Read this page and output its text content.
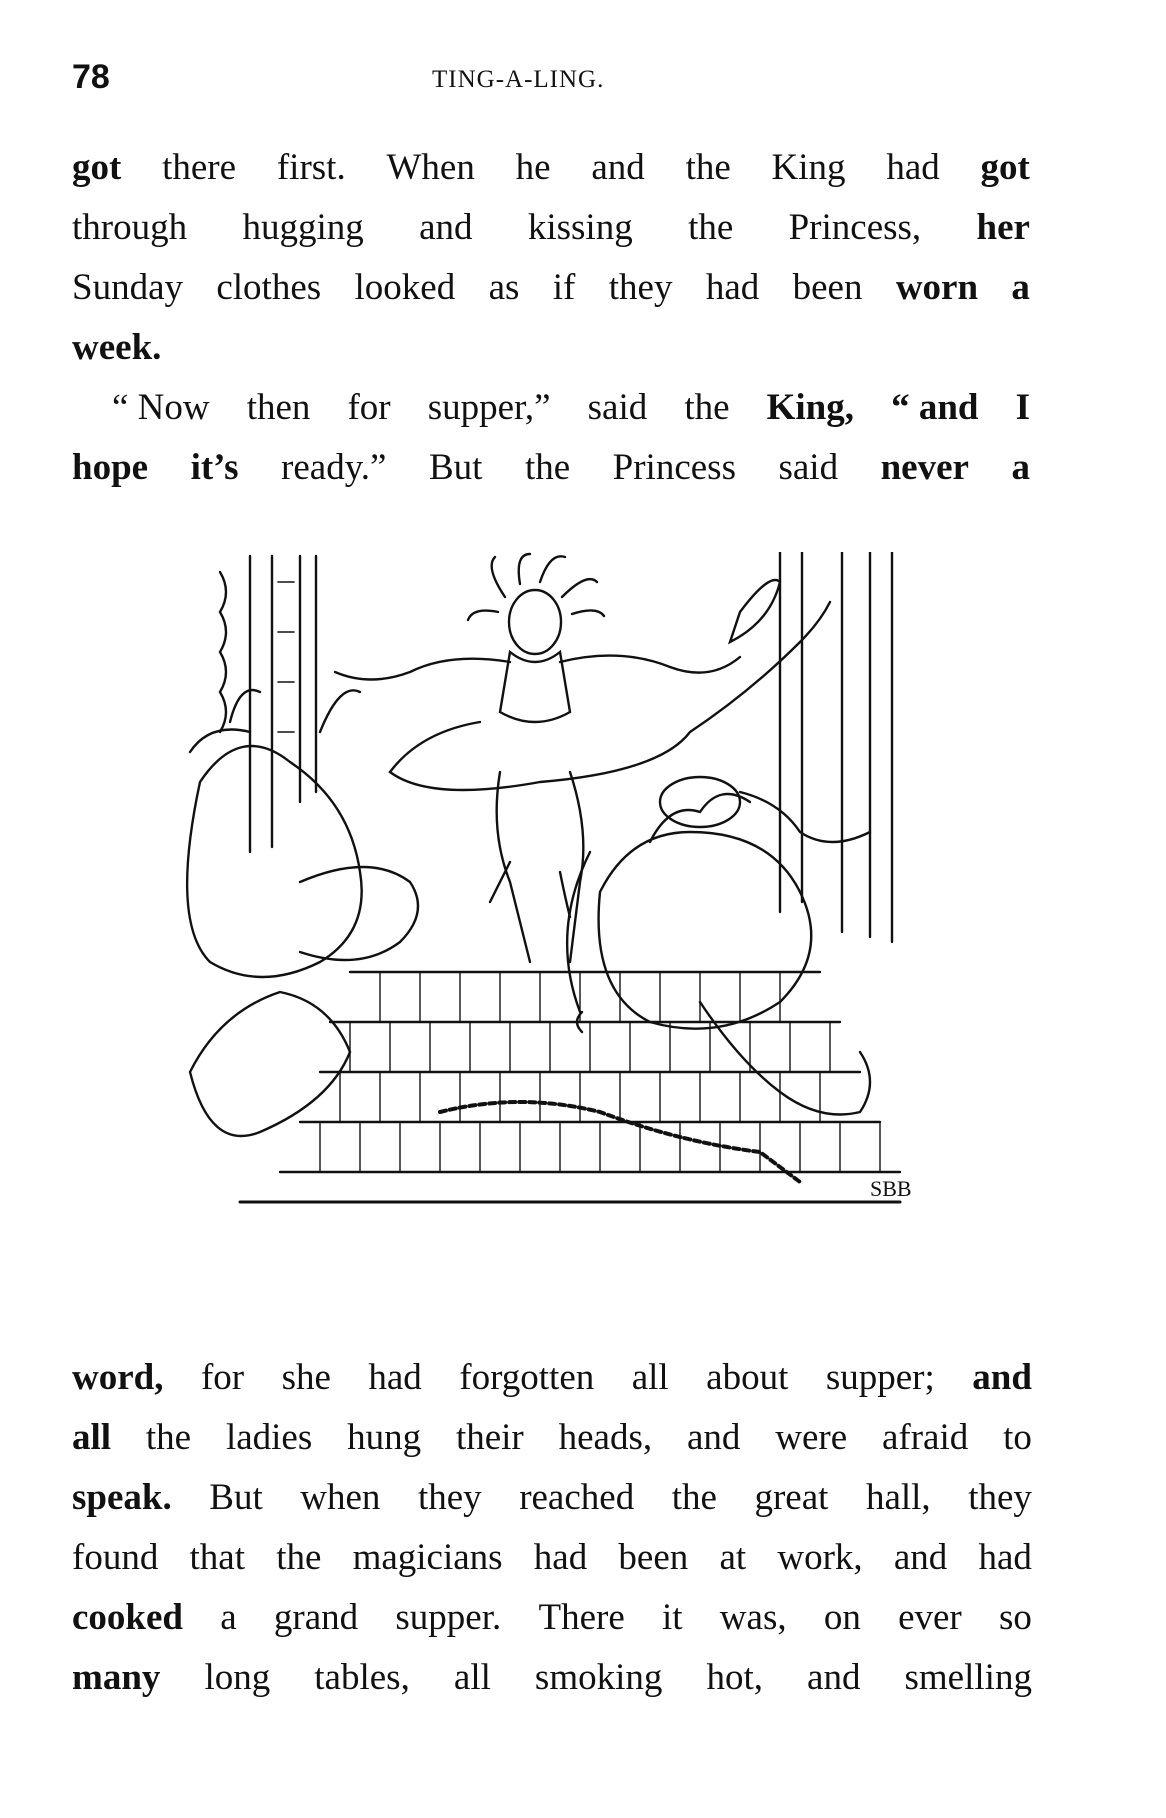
78	TING-A-LING.
got there first. When he and the King had got
through hugging and kissing the Princess, her
Sunday clothes looked as if they had been worn a
week.
“ Now then for supper,” said the King, “ and I
hope it’s ready.” But the Princess said never a
SBB
word, for she had forgotten all about supper; and
all the ladies hung their heads, and were afraid to
speak. But when they reached the great hall, they
found that the magicians had been at work, and had
cooked a grand supper. There it was, on ever so
many long tables, all smoking hot, and smelling
